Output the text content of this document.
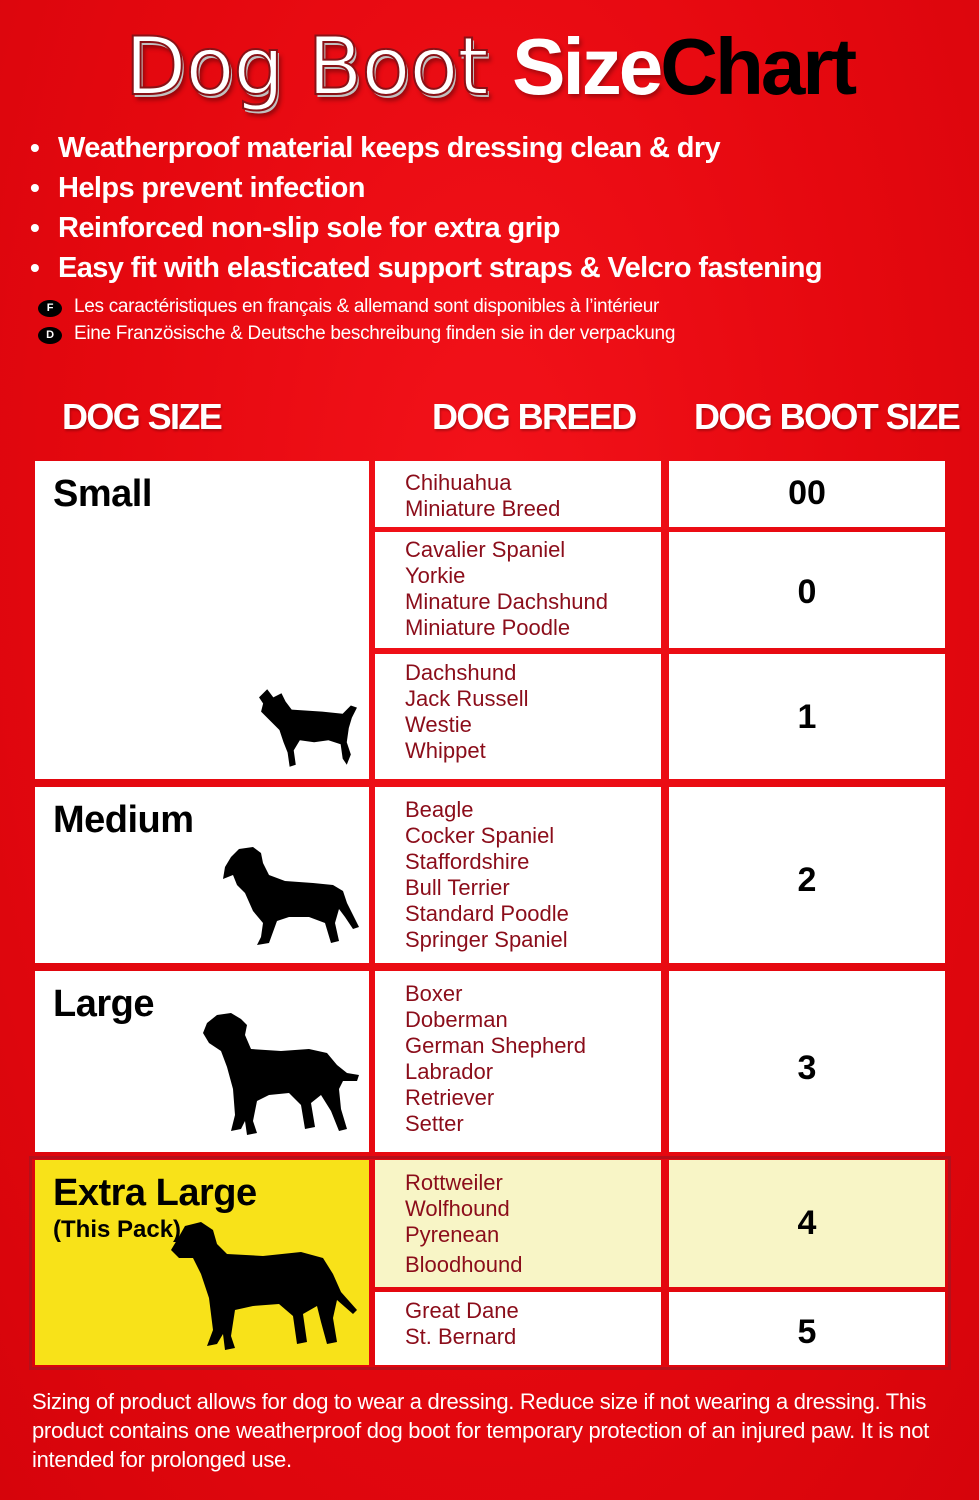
Dog Boot SizeChart
• Weatherproof material keeps dressing clean & dry
• Helps prevent infection
• Reinforced non-slip sole for extra grip
• Easy fit with elasticated support straps & Velcro fastening
F Les caractéristiques en français & allemand sont disponibles à l’intérieur
D Eine Französische & Deutsche beschreibung finden sie in der verpackung
DOG SIZE	DOG BREED DOG BOOT SIZE
Small
Medium
Large
Extra Large
(This Pack)
Chihuahua
Miniature Breed
Cavalier Spaniel
Yorkie
Minature Dachshund
Miniature Poodle
Dachshund
Jack Russell
Westie
Whippet
Beagle
Cocker Spaniel
Staffordshire
Bull Terrier
Standard Poodle
Springer Spaniel
Boxer
Doberman
German Shepherd
Labrador
Retriever
Setter
Rottweiler
Wolfhound
Pyrenean
Bloodhound
Great Dane
St. Bernard
00
0
1
2
3
4
5
Sizing of product allows for dog to wear a dressing. Reduce size if not wearing a dressing. This product contains one weatherproof dog boot for temporary protection of an injured paw. It is not intended for prolonged use.
